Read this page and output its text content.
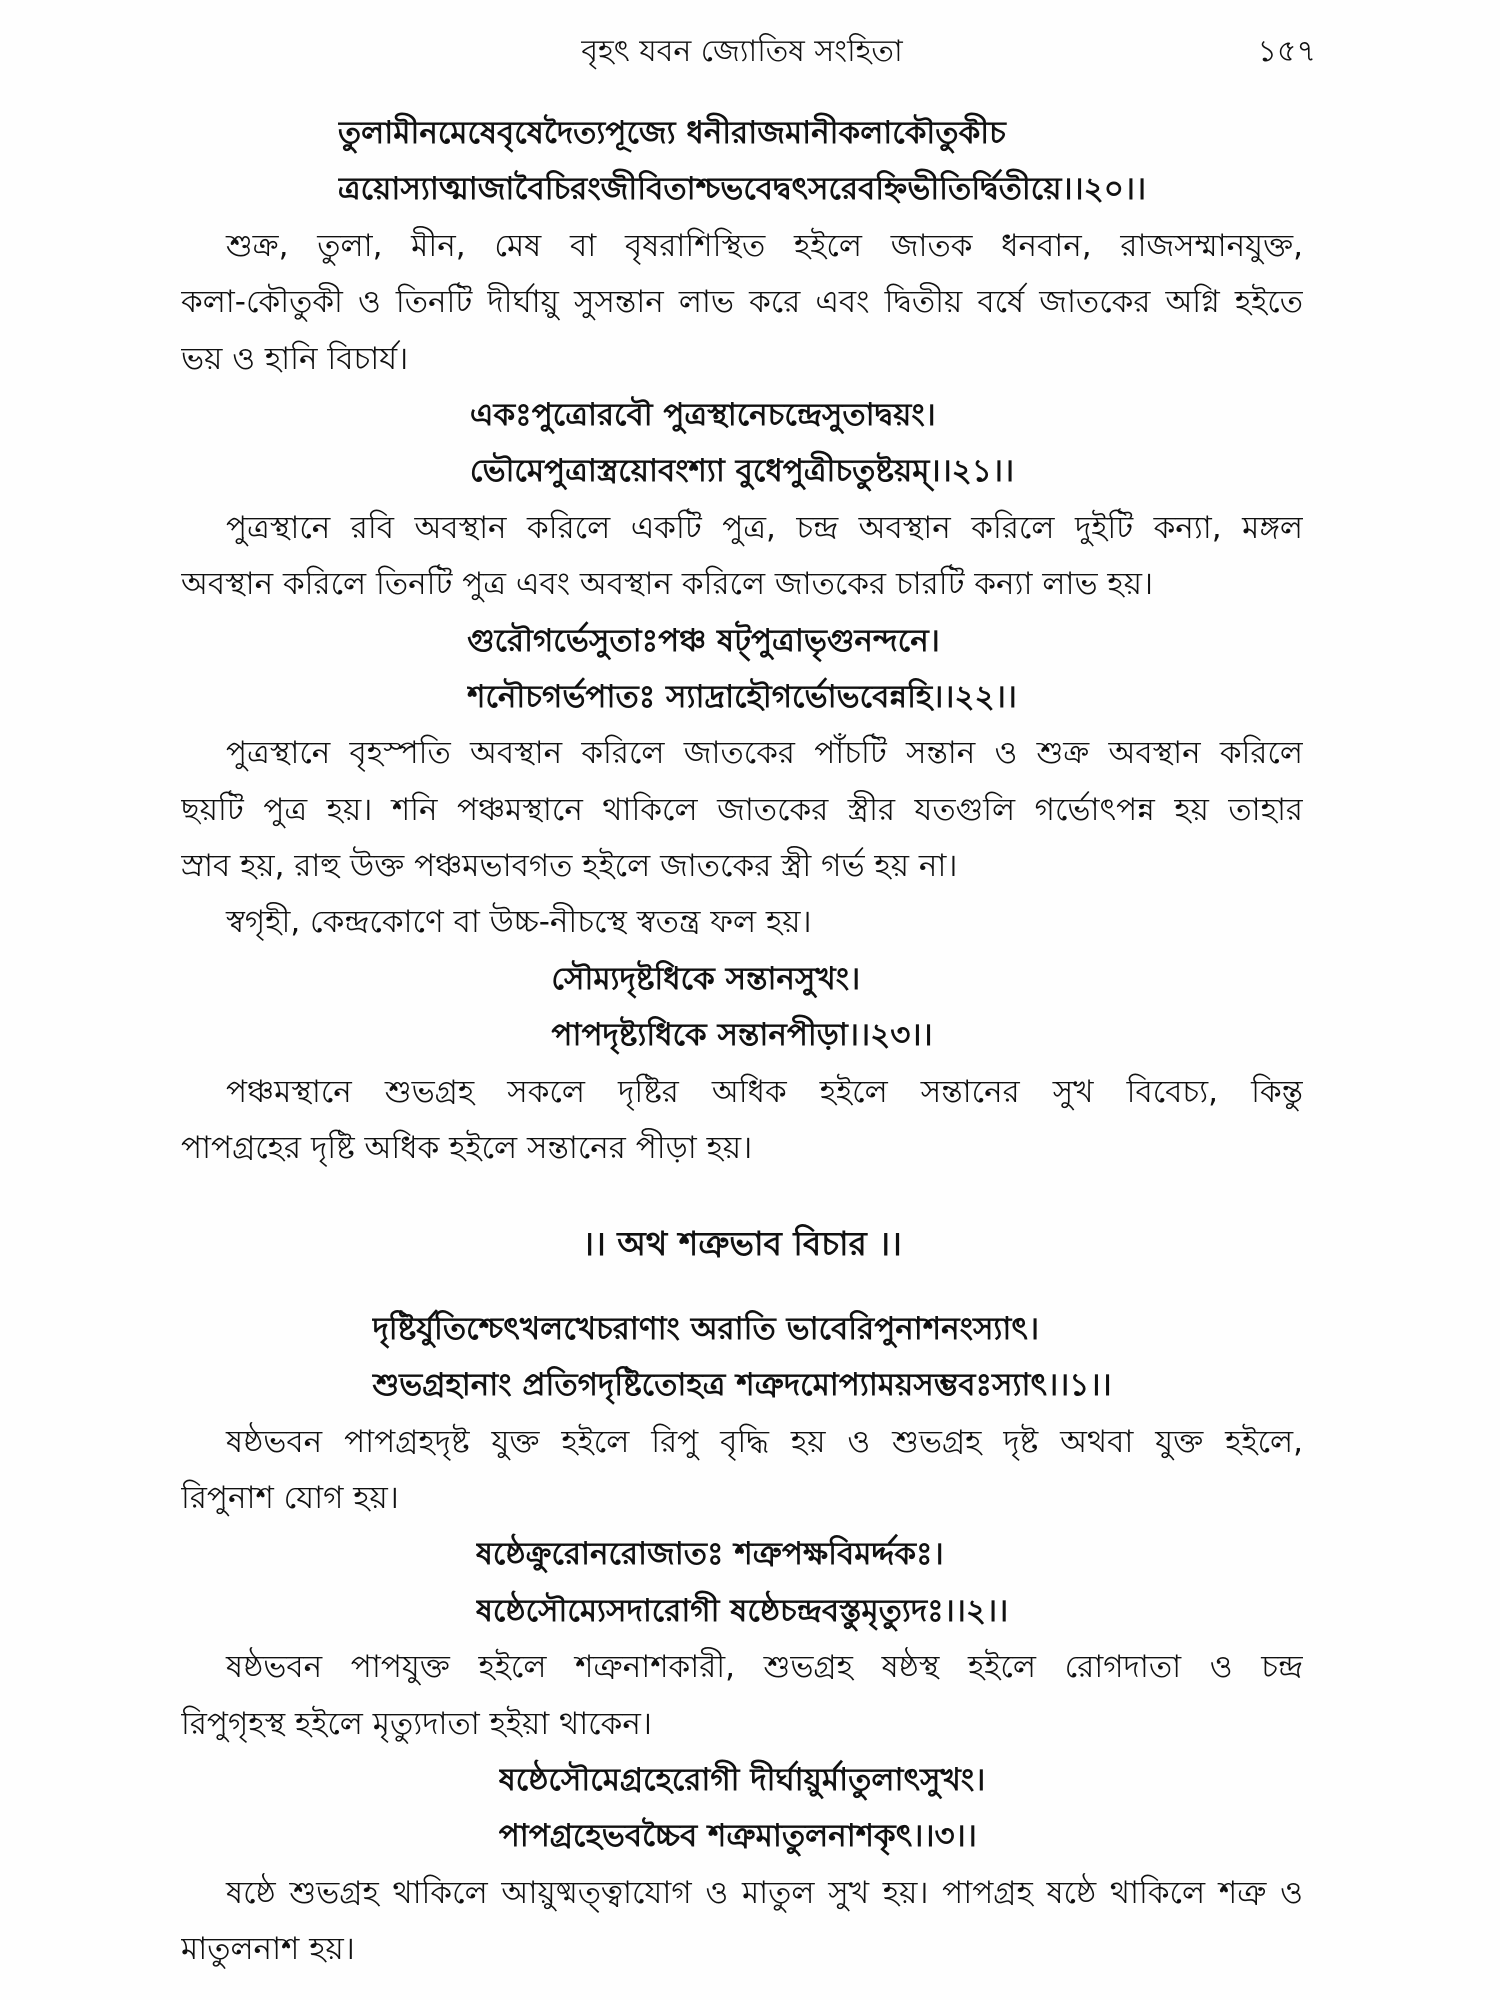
বৃহৎ যবন জ্যোতিষ সংহিতা	১৫৭
তুলামীনমেষেবৃষেদৈত্যপূজ্যে ধনীরাজমানীকলাকৌতুকীচ
ত্রয়োস্যাত্মাজাবৈচিরংজীবিতাশ্চভবেদ্বৎসরেবহ্নিভীতির্দ্বিতীয়ে।।২০।।
শুক্র, তুলা, মীন, মেষ বা বৃষরাশিস্থিত হইলে জাতক ধনবান, রাজসম্মানযুক্ত,
কলা-কৌতুকী ও তিনটি দীর্ঘায়ু সুসন্তান লাভ করে এবং দ্বিতীয় বর্ষে জাতকের অগ্নি হইতে
ভয় ও হানি বিচার্য।
একঃপুত্রোরবৌ পুত্রস্থানেচন্দ্রেসুতাদ্বয়ং।
ভৌমেপুত্রাস্ত্রয়োবংশ্যা বুধেপুত্রীচতুষ্টয়ম্।।২১।।
পুত্রস্থানে রবি অবস্থান করিলে একটি পুত্র, চন্দ্র অবস্থান করিলে দুইটি কন্যা, মঙ্গল
অবস্থান করিলে তিনটি পুত্র এবং অবস্থান করিলে জাতকের চারটি কন্যা লাভ হয়।
গুরৌগর্ভেসুতাঃপঞ্চ ষট্পুত্রাভৃগুনন্দনে।
শনৌচগর্ভপাতঃ স্যাদ্রাহৌগর্ভোভবেন্নহি।।২২।।
পুত্রস্থানে বৃহস্পতি অবস্থান করিলে জাতকের পাঁচটি সন্তান ও শুক্র অবস্থান করিলে
ছয়টি পুত্র হয়। শনি পঞ্চমস্থানে থাকিলে জাতকের স্ত্রীর যতগুলি গর্ভোৎপন্ন হয় তাহার
স্রাব হয়, রাহু উক্ত পঞ্চমভাবগত হইলে জাতকের স্ত্রী গর্ভ হয় না।
স্বগৃহী, কেন্দ্রকোণে বা উচ্চ-নীচস্থে স্বতন্ত্র ফল হয়।
সৌম্যদৃষ্টধিকে সন্তানসুখং।
পাপদৃষ্ট্যধিকে সন্তানপীড়া।।২৩।।
পঞ্চমস্থানে শুভগ্রহ সকলে দৃষ্টির অধিক হইলে সন্তানের সুখ বিবেচ্য, কিন্তু
পাপগ্রহের দৃষ্টি অধিক হইলে সন্তানের পীড়া হয়।
।। অথ শত্রুভাব বিচার ।।
দৃষ্টির্যুতিশ্চেৎখলখেচরাণাং অরাতি ভাবেরিপুনাশনংস্যাৎ।
শুভগ্রহানাং প্রতিগদৃষ্টিতোহত্র শত্রুদমোপ্যাময়সম্ভবঃস্যাৎ।।১।।
ষষ্ঠভবন পাপগ্রহদৃষ্ট যুক্ত হইলে রিপু বৃদ্ধি হয় ও শুভগ্রহ দৃষ্ট অথবা যুক্ত হইলে,
রিপুনাশ যোগ হয়।
ষষ্ঠেক্রুরোনরোজাতঃ শত্রুপক্ষবিমর্দ্দকঃ।
ষষ্ঠেসৌম্যেসদারোগী ষষ্ঠেচন্দ্রবস্তুমৃত্যুদঃ।।২।।
ষষ্ঠভবন পাপযুক্ত হইলে শত্রুনাশকারী, শুভগ্রহ ষষ্ঠস্থ হইলে রোগদাতা ও চন্দ্র
রিপুগৃহস্থ হইলে মৃত্যুদাতা হইয়া থাকেন।
ষষ্ঠেসৌমেগ্রহেরোগী দীর্ঘায়ুর্মাতুলাৎসুখং।
পাপগ্রহেভবচ্চৈব শত্রুমাতুলনাশকৃৎ।।৩।।
ষষ্ঠে শুভগ্রহ থাকিলে আয়ুষ্মত্ত্বাযোগ ও মাতুল সুখ হয়। পাপগ্রহ ষষ্ঠে থাকিলে শত্রু ও
মাতুলনাশ হয়।
